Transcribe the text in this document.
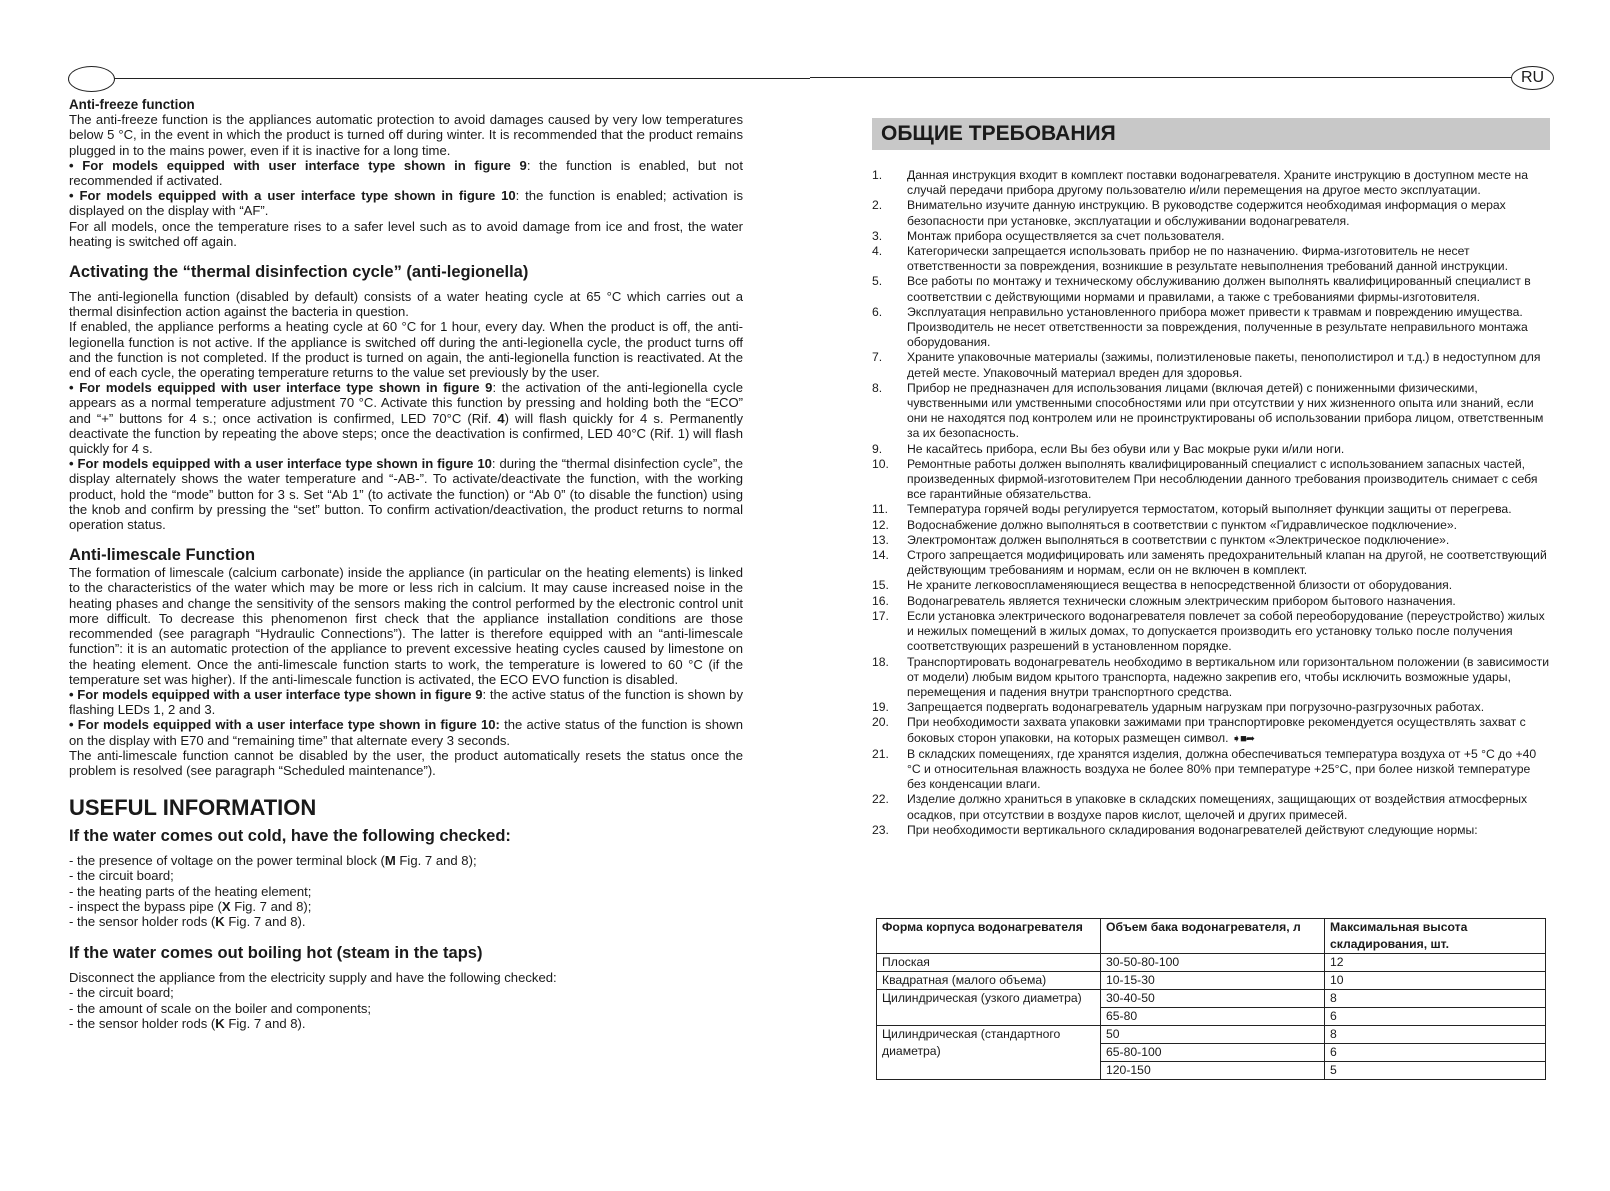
RU

Anti-freeze function

The anti-freeze function is the appliances automatic protection to avoid damages caused by very low temperatures below 5 °C, in the event in which the product is turned off during winter. It is recommended that the product remains plugged in to the mains power, even if it is inactive for a long time.

• For models equipped with user interface type shown in figure 9: the function is enabled, but not recommended if activated.

• For models equipped with a user interface type shown in figure 10: the function is enabled; activation is displayed on the display with “AF”.

For all models, once the temperature rises to a safer level such as to avoid damage from ice and frost, the water heating is switched off again.

Activating the “thermal disinfection cycle” (anti-legionella)

The anti-legionella function (disabled by default) consists of a water heating cycle at 65 °C which carries out a thermal disinfection action against the bacteria in question.

If enabled, the appliance performs a heating cycle at 60 °C for 1 hour, every day. When the product is off, the anti-legionella function is not active. If the appliance is switched off during the anti-legionella cycle, the product turns off and the function is not completed. If the product is turned on again, the anti-legionella function is reactivated. At the end of each cycle, the operating temperature returns to the value set previously by the user.

• For models equipped with user interface type shown in figure 9: the activation of the anti-legionella cycle appears as a normal temperature adjustment 70 °C. Activate this function by pressing and holding both the “ECO” and “+” buttons for 4 s.; once activation is confirmed, LED 70°C (Rif. 4) will flash quickly for 4 s. Permanently deactivate the function by repeating the above steps; once the deactivation is confirmed, LED 40°C (Rif. 1) will flash quickly for 4 s.

• For models equipped with a user interface type shown in figure 10: during the “thermal disinfection cycle”, the display alternately shows the water temperature and “-AB-”. To activate/deactivate the function, with the working product, hold the “mode” button for 3 s. Set “Ab 1” (to activate the function) or “Ab 0” (to disable the function) using the knob and confirm by pressing the “set” button. To confirm activation/deactivation, the product returns to normal operation status.

Anti-limescale Function

The formation of limescale (calcium carbonate) inside the appliance (in particular on the heating elements) is linked to the characteristics of the water which may be more or less rich in calcium. It may cause increased noise in the heating phases and change the sensitivity of the sensors making the control performed by the electronic control unit more difficult. To decrease this phenomenon first check that the appliance installation conditions are those recommended (see paragraph “Hydraulic Connections”). The latter is therefore equipped with an “anti-limescale function”: it is an automatic protection of the appliance to prevent excessive heating cycles caused by limestone on the heating element. Once the anti-limescale function starts to work, the temperature is lowered to 60 °C (if the temperature set was higher). If the anti-limescale function is activated, the ECO EVO function is disabled.

• For models equipped with a user interface type shown in figure 9: the active status of the function is shown by flashing LEDs 1, 2 and 3.

• For models equipped with a user interface type shown in figure 10: the active status of the function is shown on the display with E70 and “remaining time” that alternate every 3 seconds.

The anti-limescale function cannot be disabled by the user, the product automatically resets the status once the problem is resolved (see paragraph “Scheduled maintenance”).

USEFUL INFORMATION

If the water comes out cold, have the following checked:

- the presence of voltage on the power terminal block (M Fig. 7 and 8);

- the circuit board;

- the heating parts of the heating element;

- inspect the bypass pipe (X Fig. 7 and 8);

- the sensor holder rods (K Fig. 7 and 8).

If the water comes out boiling hot (steam in the taps)

Disconnect the appliance from the electricity supply and have the following checked:

- the circuit board;

- the amount of scale on the boiler and components;

- the sensor holder rods (K Fig. 7 and 8).

ОБЩИЕ ТРЕБОВАНИЯ
1.	Данная инструкция входит в комплект поставки водонагревателя. Храните инструкцию в доступном месте на случай передачи прибора другому пользователю и/или перемещения на другое место эксплуатации.
2.	Внимательно изучите данную инструкцию. В руководстве содержится необходимая информация о мерах безопасности при установке, эксплуатации и обслуживании водонагревателя.
3.	Монтаж прибора осуществляется за счет пользователя.
4.	Категорически запрещается использовать прибор не по назначению. Фирма-изготовитель не несет ответственности за повреждения, возникшие в результате невыполнения требований данной инструкции.
5.	Все работы по монтажу и техническому обслуживанию должен выполнять квалифицированный специалист в соответствии с действующими нормами и правилами, а также с требованиями фирмы-изготовителя.
6.	Эксплуатация неправильно установленного прибора может привести к травмам и повреждению имущества. Производитель не несет ответственности за повреждения, полученные в результате неправильного монтажа оборудования.
7.	Храните упаковочные материалы (зажимы, полиэтиленовые пакеты, пенополистирол и т.д.) в недоступном для детей месте. Упаковочный материал вреден для здоровья.
8.	Прибор не предназначен для использования лицами (включая детей) с пониженными физическими, чувственными или умственными способностями или при отсутствии у них жизненного опыта или знаний, если они не находятся под контролем или не проинструктированы об использовании прибора лицом, ответственным за их безопасность.
9.	Не касайтесь прибора, если Вы без обуви или у Вас мокрые руки и/или ноги.
10.	Ремонтные работы должен выполнять квалифицированный специалист с использованием запасных частей, произведенных фирмой-изготовителем При несоблюдении данного требования производитель снимает с себя все гарантийные обязательства.
11.	Температура горячей воды регулируется термостатом, который выполняет функции защиты от перегрева.
12.	Водоснабжение должно выполняться в соответствии с пунктом «Гидравлическое подключение».
13.	Электромонтаж должен выполняться в соответствии с пунктом «Электрическое подключение».
14.	Строго запрещается модифицировать или заменять предохранительный клапан на другой, не соответствующий действующим требованиям и нормам, если он не включен в комплект.
15.	Не храните легковоспламеняющиеся вещества в непосредственной близости от оборудования.
16.	Водонагреватель является технически сложным электрическим прибором бытового назначения.
17.	Если установка электрического водонагревателя повлечет за собой переоборудование (переустройство) жилых и нежилых помещений в жилых домах, то допускается производить его установку только после получения соответствующих разрешений в установленном порядке.
18.	Транспортировать водонагреватель необходимо в вертикальном или горизонтальном положении (в зависимости от модели) любым видом крытого транспорта, надежно закрепив его, чтобы исключить возможные удары, перемещения и падения внутри транспортного средства.
19.	Запрещается подвергать водонагреватель ударным нагрузкам при погрузочно-разгрузочных работах.
20.	При необходимости захвата упаковки зажимами при транспортировке рекомендуется осуществлять захват с боковых сторон упаковки, на которых размещен символ. ➧■➦
21.	В складских помещениях, где хранятся изделия, должна обеспечиваться температура воздуха от +5 °С до +40 °С и относительная влажность воздуха не более 80% при температуре +25°С, при более низкой температуре без конденсации влаги.
22.	Изделие должно храниться в упаковке в складских помещениях, защищающих от воздействия атмосферных осадков, при отсутствии в воздухе паров кислот, щелочей и других примесей.
23.	При необходимости вертикального складирования водонагревателей действуют следующие нормы:
Форма корпуса водонагревателя	Объем бака водонагревателя, л	Максимальная высота складирования, шт.
Плоская	30-50-80-100	12
Квадратная (малого объема)	10-15-30	10
Цилиндрическая (узкого диаметра)	30-40-50	8
	65-80	6
Цилиндрическая (стандартного диаметра)	50	8
	65-80-100	6
	120-150	5
